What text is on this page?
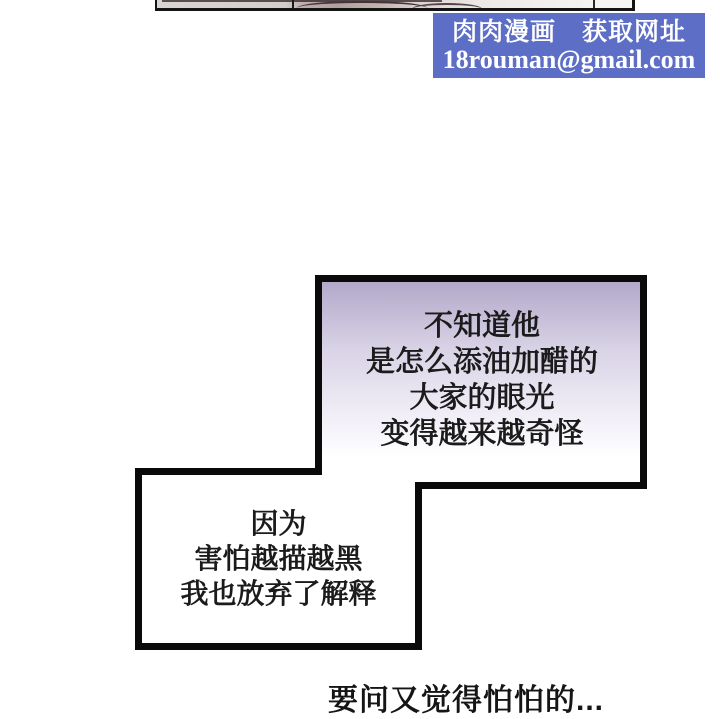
肉肉漫画　获取网址
18rouman@gmail.com
不知道他
是怎么添油加醋的
大家的眼光
变得越来越奇怪
因为
害怕越描越黑
我也放弃了解释
要问又觉得怕怕的...
